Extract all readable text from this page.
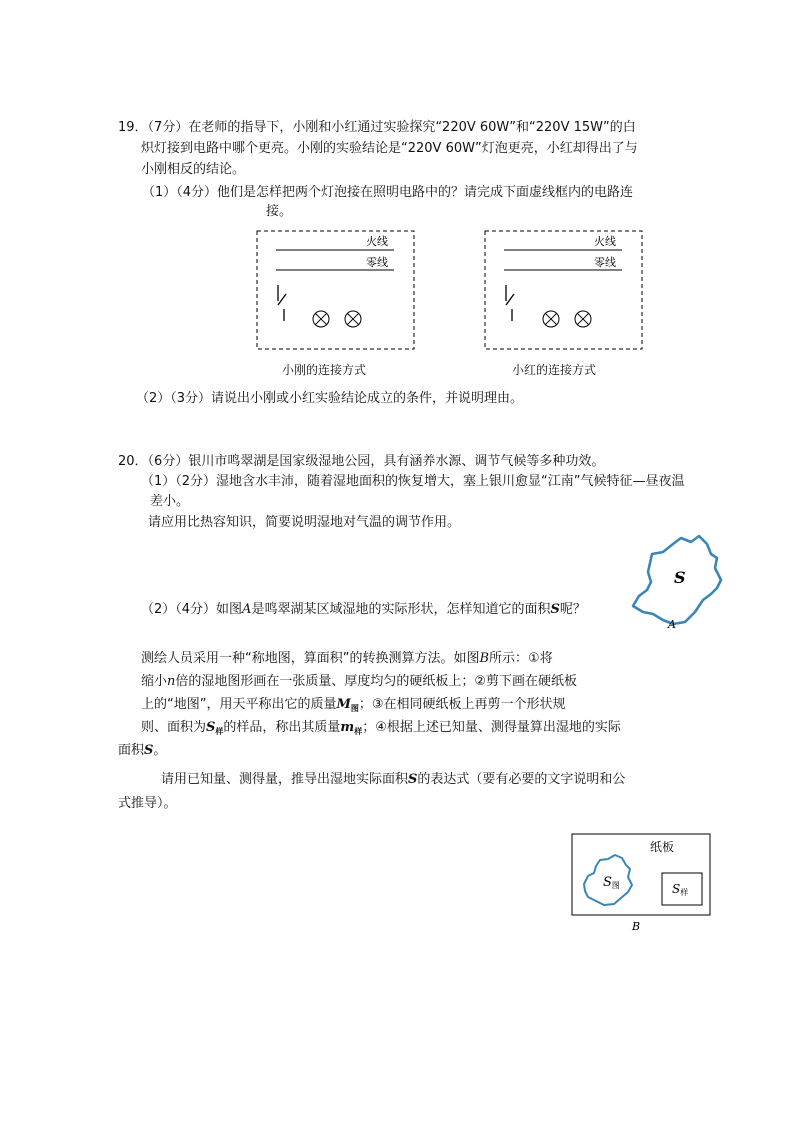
19．（7分）在老师的指导下，小刚和小红通过实验探究“220V 60W”和“220V 15W”的白
炽灯接到电路中哪个更亮。小刚的实验结论是“220V 60W”灯泡更亮，小红却得出了与
小刚相反的结论。
（1）（4分）他们是怎样把两个灯泡接在照明电路中的？请完成下面虚线框内的电路连
接。
火线
零线
小刚的连接方式
火线
零线
小红的连接方式
（2）（3分）请说出小刚或小红实验结论成立的条件，并说明理由。
20．（6分）银川市鸣翠湖是国家级湿地公园，具有涵养水源、调节气候等多种功效。
（1）（2分）湿地含水丰沛，随着湿地面积的恢复增大，塞上银川愈显“江南”气候特征—昼夜温
差小。
请应用比热容知识，简要说明湿地对气温的调节作用。
S
A
（2）（4分）如图A是鸣翠湖某区域湿地的实际形状，怎样知道它的面积S呢？
测绘人员采用一种“称地图，算面积”的转换测算方法。如图B所示：①将
缩小n倍的湿地图形画在一张质量、厚度均匀的硬纸板上；②剪下画在硬纸板
上的“地图”，用天平称出它的质量$M_图$；③在相同硬纸板上再剪一个形状规
则、面积为$S_样$的样品，称出其质量$m_样$；④根据上述已知量、测得量算出湿地的实际
面积S。
请用已知量、测得量，推导出湿地实际面积S的表达式（要有必要的文字说明和公
式推导）。
纸板
S图	S样
B
